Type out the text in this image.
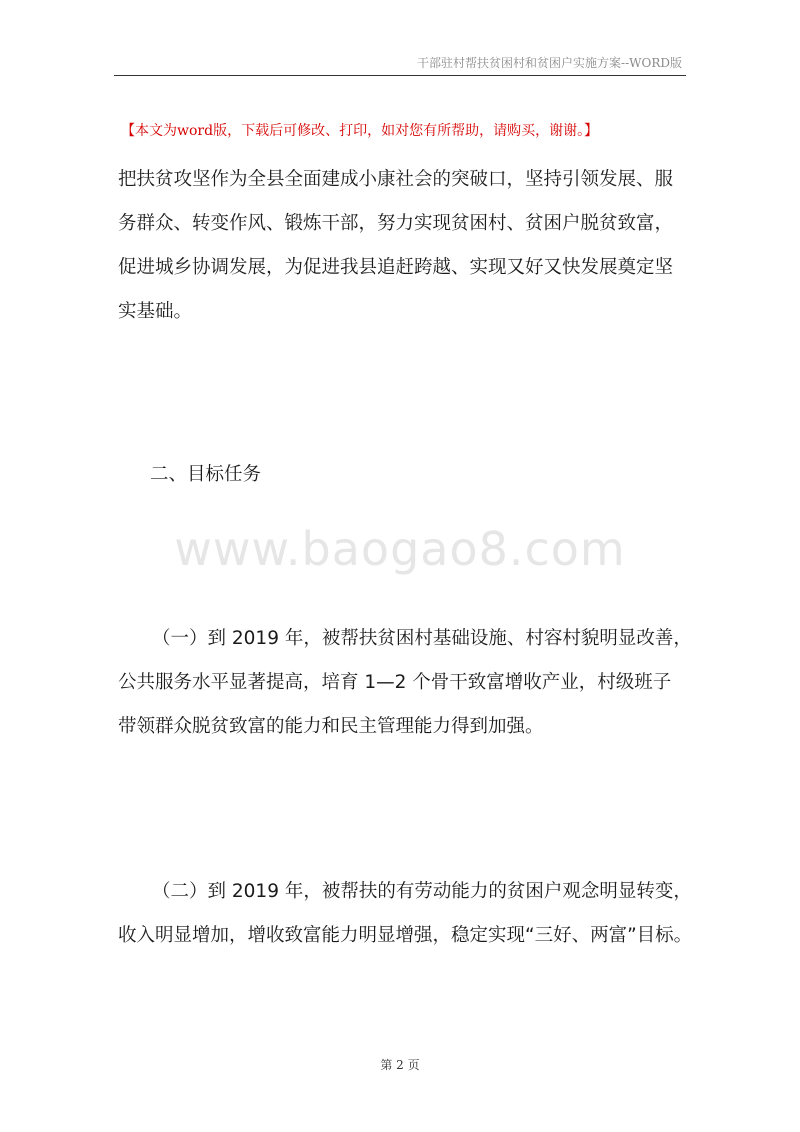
干部驻村帮扶贫困村和贫困户实施方案--WORD版
【本文为word版，下载后可修改、打印，如对您有所帮助，请购买，谢谢。】
把扶贫攻坚作为全县全面建成小康社会的突破口，坚持引领发展、服
务群众、转变作风、锻炼干部，努力实现贫困村、贫困户脱贫致富，
促进城乡协调发展，为促进我县追赶跨越、实现又好又快发展奠定坚
实基础。
二、目标任务
www.baogao8.com
（一）到 2019 年，被帮扶贫困村基础设施、村容村貌明显改善，
公共服务水平显著提高，培育 1—2 个骨干致富增收产业，村级班子
带领群众脱贫致富的能力和民主管理能力得到加强。
（二）到 2019 年，被帮扶的有劳动能力的贫困户观念明显转变，
收入明显增加，增收致富能力明显增强，稳定实现“三好、两富”目标。
第 2 页
